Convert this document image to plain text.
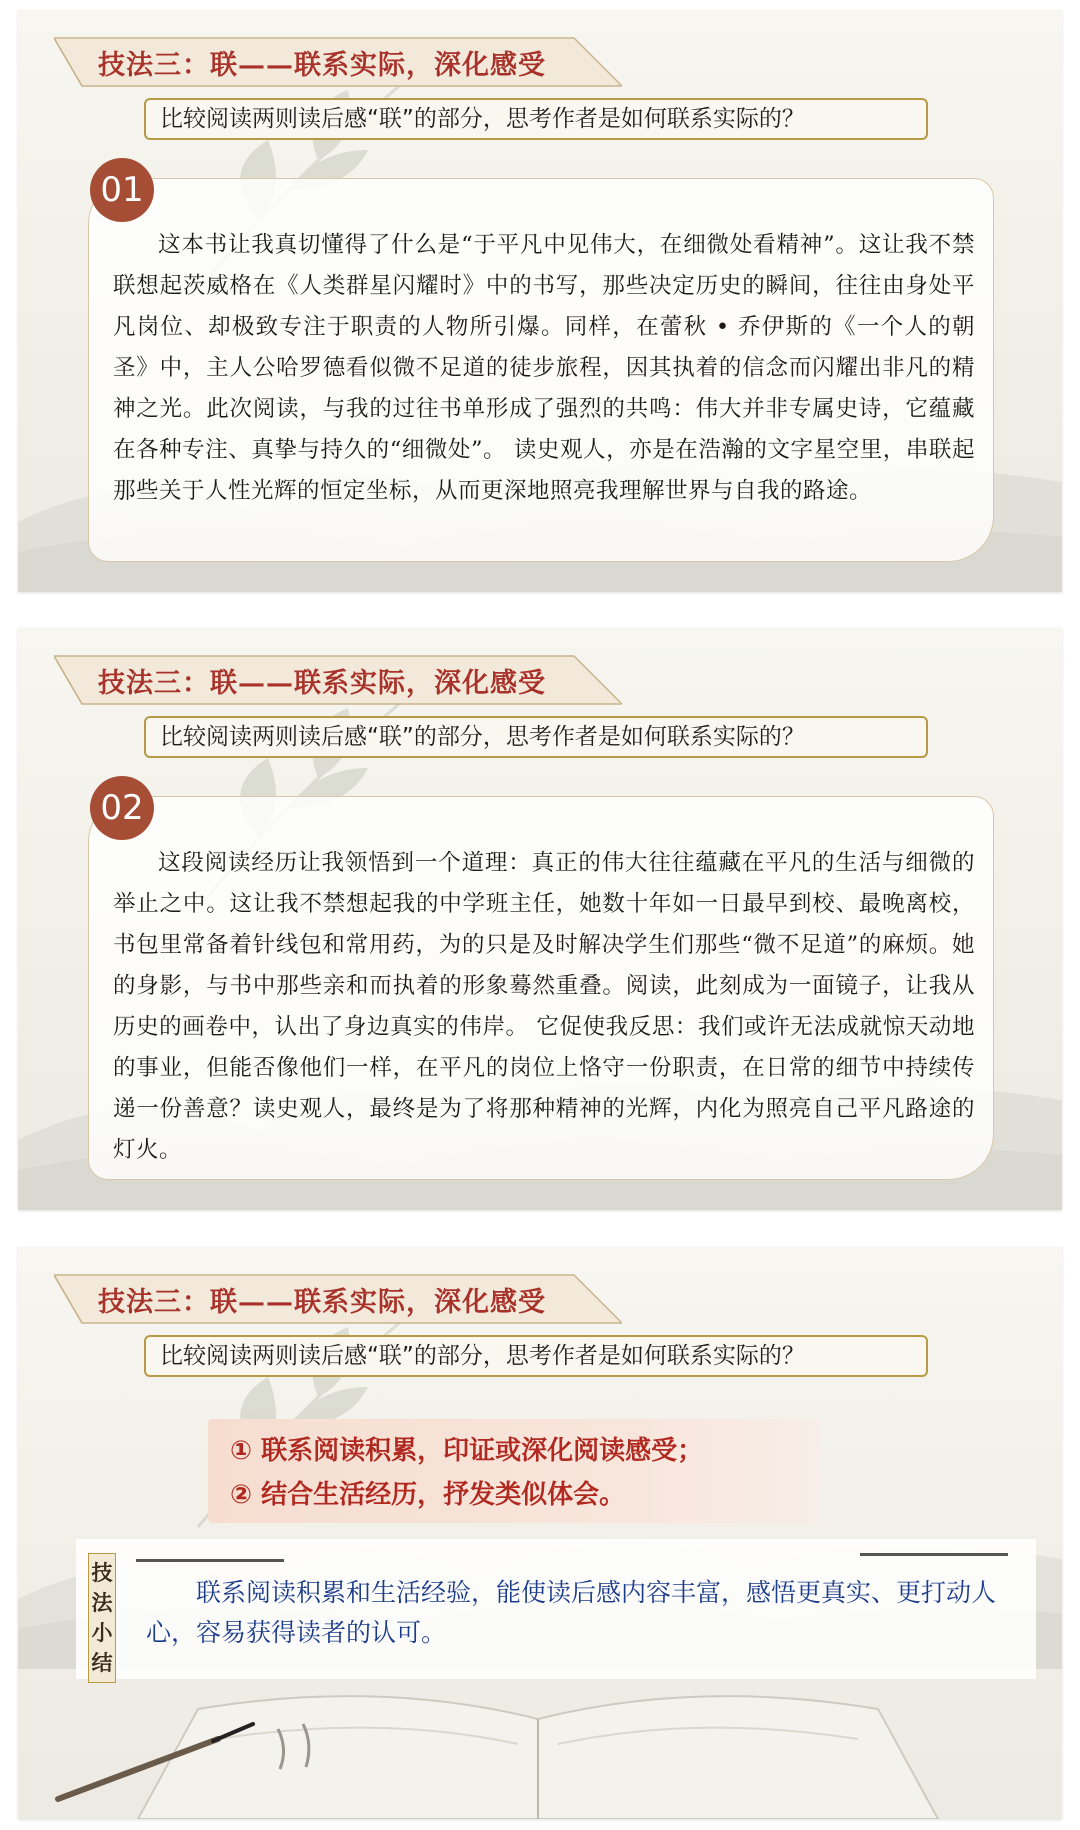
技法三：联——联系实际，深化感受
比较阅读两则读后感“联”的部分，思考作者是如何联系实际的？
01

这本书让我真切懂得了什么是“于平凡中见伟大，在细微处看精神”。这让我不禁联想起茨威格在《人类群星闪耀时》中的书写，那些决定历史的瞬间，往往由身处平凡岗位、却极致专注于职责的人物所引爆。同样，在蕾秋 • 乔伊斯的《一个人的朝圣》中，主人公哈罗德看似微不足道的徒步旅程，因其执着的信念而闪耀出非凡的精神之光。此次阅读，与我的过往书单形成了强烈的共鸣：伟大并非专属史诗，它蕴藏在各种专注、真挚与持久的“细微处”。 读史观人，亦是在浩瀚的文字星空里，串联起那些关于人性光辉的恒定坐标，从而更深地照亮我理解世界与自我的路途。

技法三：联——联系实际，深化感受
比较阅读两则读后感“联”的部分，思考作者是如何联系实际的？
02

这段阅读经历让我领悟到一个道理：真正的伟大往往蕴藏在平凡的生活与细微的举止之中。这让我不禁想起我的中学班主任，她数十年如一日最早到校、最晚离校，书包里常备着针线包和常用药，为的只是及时解决学生们那些“微不足道”的麻烦。她的身影，与书中那些亲和而执着的形象蓦然重叠。阅读，此刻成为一面镜子，让我从历史的画卷中，认出了身边真实的伟岸。 它促使我反思：我们或许无法成就惊天动地的事业，但能否像他们一样，在平凡的岗位上恪守一份职责，在日常的细节中持续传递一份善意？读史观人，最终是为了将那种精神的光辉，内化为照亮自己平凡路途的灯火。

技法三：联——联系实际，深化感受
比较阅读两则读后感“联”的部分，思考作者是如何联系实际的？
① 联系阅读积累，印证或深化阅读感受；
② 结合生活经历，抒发类似体会。
技
法
小
结
联系阅读积累和生活经验，能使读后感内容丰富，感悟更真实、更打动人心，容易获得读者的认可。
